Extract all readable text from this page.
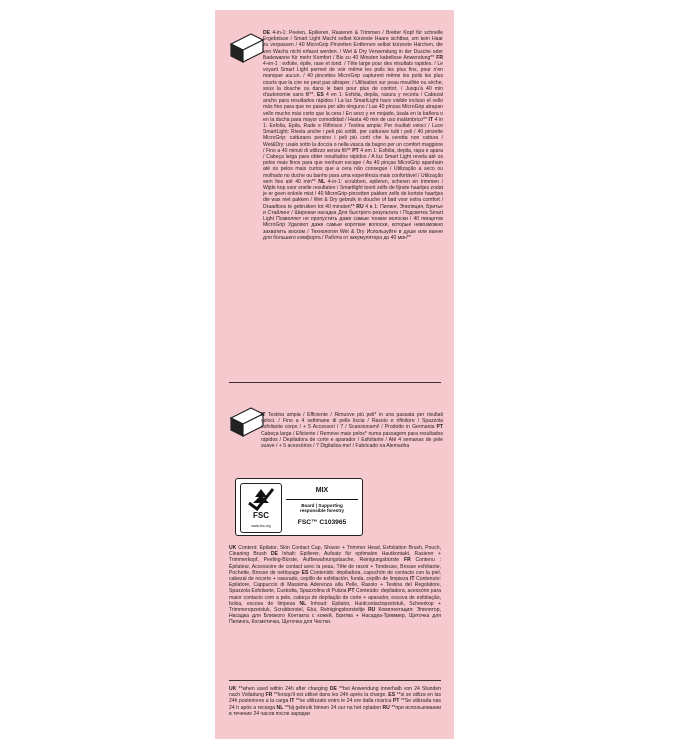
DE 4-in-1: Peelen, Epilieren, Rasieren & Trimmen / Breiter Kopf für schnelle Ergebnisse / Smart Light Macht selbst kürzeste Haare sichtbar, um kein Haar zu verpassen / 40 MicroGrip Pinzetten Entfernen selbst kürzeste Härchen, die von Wachs nicht erfasst werden. / Wet & Dry Verwendung in der Dusche oder Badewanne für mehr Komfort / Bis zu 40 Minuten kabellose Anwendung** FR 4-en-1 : exfolie, épile, rase et tond. / Tête large pour des résultats rapides. / Le voyant Smart Light permet de voir même les poils les plus fins, pour n'en manquer aucun. / 40 pincettes MicroGrip capturent même les poils les plus courts que la cire ne peut pas attraper. / Utilisation sur peau mouillée ou sèche, sous la douche ou dans le bain pour plus de confort. / Jusqu'à 40 min d'autonomie sans fil**. ES 4 en 1: Exfolia, depila, rasura y recorta / Cabezal ancho para resultados rápidos / La luz SmartLight hace visible incluso el vello más fino para que no pases por alto ninguno / Las 40 pinzas MicroGrip atrapan vello mucho más corto que la cera / En seco y en mojado, úsala en la bañera o en la ducha para mayor comodidad / Hasta 40 min de uso inalámbrico** IT 4 in 1: Esfolia, Epila, Rade e Rifinisce / Testina ampia: Per risultati veloci / Luce SmartLight: Rivela anche i peli più sottili, per catturare tutti i peli / 40 pinzette MicroGrip: catturano persino i peli più corti che la ceretta non cattura / Wet&Dry: usalo sotto la doccia o nella vasca da bagno per un comfort maggiore / Fino a 40 minuti di utilizzo senza fili** PT 4 em 1: Esfolia, depila, rapa e apara / Cabeça larga para obter resultados rápidos / A luz Smart Light revela até os pelos mais finos para que nenhum escape / As 40 pinças MicroGrip apanham até os pelos mais curtos que a cera não consegue / Utilização a seco ou molhado no duche ou banho para uma experiência mais confortável / Utilização sem fios até 40 min** NL 4-in-1: scrubben, epileren, scheren en trimmen / Wijde kop voor snelle resultaten / Smartlight toont zelfs de fijnste haartjes zodat je er geen enkele mist / 40 MicroGrip-pincetten pakken zelfs de kortste haartjes die wax niet pakken / Wet & Dry gebruik in douche of bad voor extra comfort / Draadloos te gebruiken tot 40 minuten** RU 4 в 1: Пилинг, Эпиляция, Бритье и Стайлинг / Широкая насадка Для быстрого результата / Подсветка Smart Light Позволяет не пропустить даже самые тонкие волоски / 40 пинцетов MicroGrip Удаляют даже самые короткие волоски, которые невозможно захватить воском / Технология Wet & Dry Используйте в душе или ванне для большего комфорта / Работа от аккумулятора до 40 мин**
IT Testina ampia / Efficiente / Rimuove più peli* in una passata per risultati veloci. / Fino a 4 settimane di pelle liscia / Rasoio e rifinitore / Spazzola esfoliante corpo / + 5 Accessori / 7 / Scansionami! / Prodotto in Germania PT Cabeça larga / Eficiente / Remove mais pelos* numa passagem para resultados rápidos / Depiladora de corte e aparador / Esfoliante / Até 4 semanas de pele suave / + 5 acessórios / 7 Digitaliza-me! / Fabricado na Alemanha
FSC
www.fsc.org
MIX
Board | Supporting
responsible forestry
FSC™ C103965
UK Content: Epilator, Skin Contact Cap, Shaver + Trimmer Head, Exfoliation Brush, Pouch, Cleaning Brush DE Inhalt: Epilierer, Aufsatz für optimalen Hautkontakt, Rasierer + Trimmerkopf, Peeling-Bürste, Aufbewahrungstasche, Reinigungsbürste FR Contenu : Épilateur, Accessoire de contact avec la peau, Tête de rasoir + Tondeuse, Brosse exfoliante, Pochette, Brosse de nettoyage ES Contenido: depiladora, capuchón de contacto con la piel, cabezal de recorte + rasurado, cepillo de exfoliación, funda, cepillo de limpieza IT Contenuto: Epilatore, Cappuccio di Massima Aderenza alla Pelle, Rasoio + Testina del Regolatore, Spazzola Esfoliante, Custodia, Spazzolina di Pulizia PT Conteúdo: depiladora, acessório para maior contacto com a pele, cabeça de depilação de corte + aparador, escova de esfoliação, bolsa, escova de limpeza NL Inhoud: Epilator, Huidcontactopzetstuk, Scheerkop + Trimmeropzetstuk, Scrubborstel, Etui, Reinigingsborsteltje RU Комплектация: Эпилятор, Насадка для Близкого Контакта с кожей, Бритва + Насадка-Триммер, Щеточка для Пилинга, Косметичка, Щеточка для Чистки.
UK **when used within 24h after charging DE **bei Anwendung innerhalb von 24 Stunden nach Volladung FR **lorsqu'il est utilisé dans les 24h après la charge. ES **si se utiliza en las 24h posteriores a la carga IT **se utilizzato entro le 24 ore dalla ricarica PT **Se utilizada nas 24 h após a recarga NL **bij gebruik binnen 24 uur na het opladen RU **при использовании в течение 24 часов после зарядки
